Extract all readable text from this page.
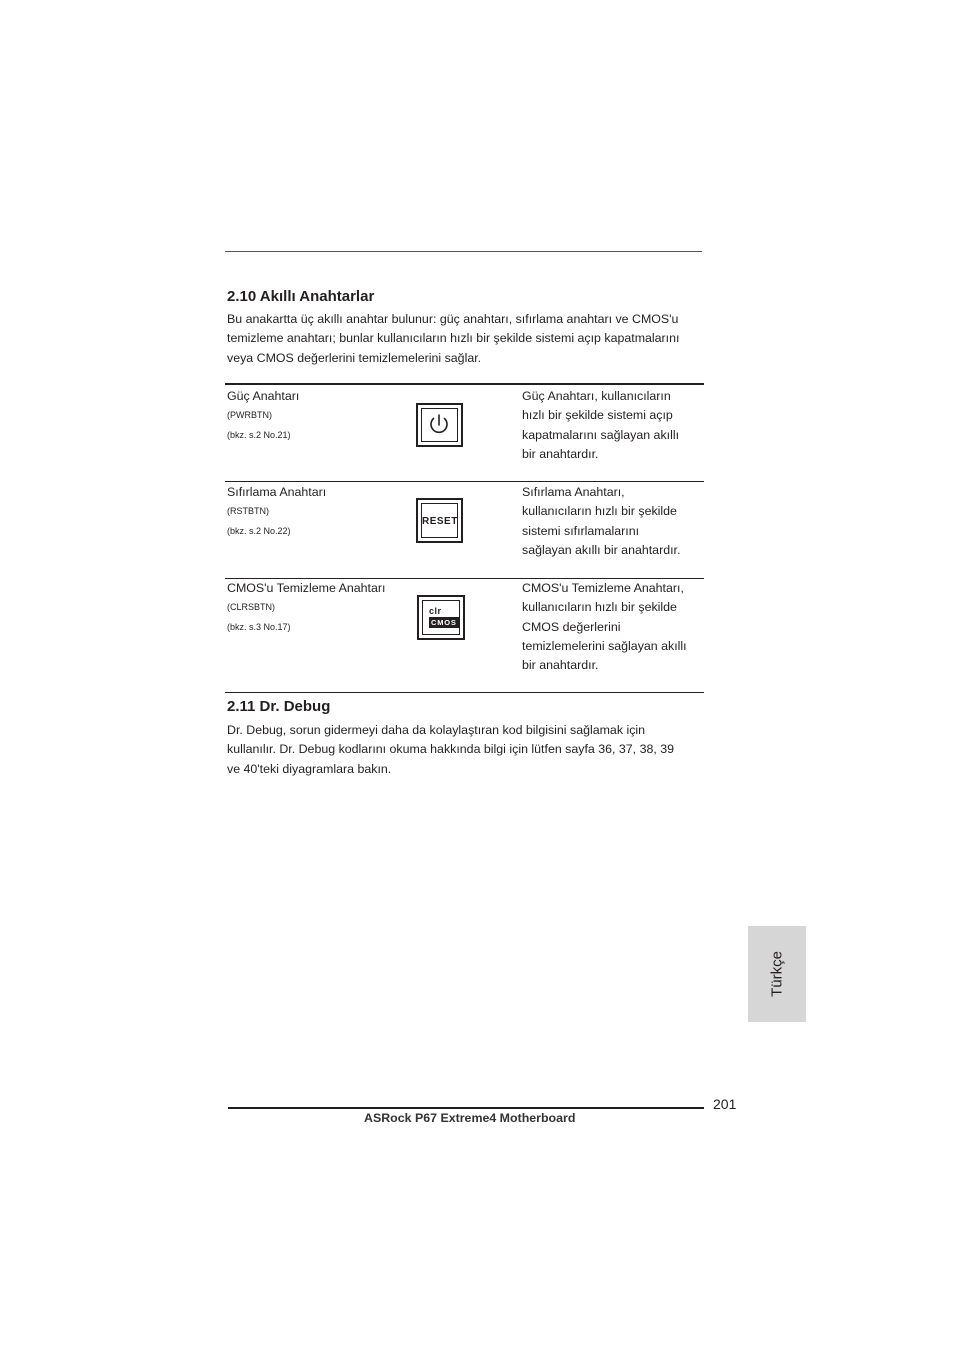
2.10 Akıllı Anahtarlar
Bu anakartta üç akıllı anahtar bulunur: güç anahtarı, sıfırlama anahtarı ve CMOS'u
temizleme anahtarı; bunlar kullanıcıların hızlı bir şekilde sistemi açıp kapatmalarını
veya CMOS değerlerini temizlemelerini sağlar.
Güç Anahtarı
(PWRBTN)
(bkz. s.2 No.21)
Güç Anahtarı, kullanıcıların
hızlı bir şekilde sistemi açıp
kapatmalarını sağlayan akıllı
bir anahtardır.
Sıfırlama Anahtarı
(RSTBTN)
(bkz. s.2 No.22)
RESET
Sıfırlama Anahtarı,
kullanıcıların hızlı bir şekilde
sistemi sıfırlamalarını
sağlayan akıllı bir anahtardır.
CMOS'u Temizleme Anahtarı
(CLRSBTN)
(bkz. s.3 No.17)
clr
CMOS
CMOS'u Temizleme Anahtarı,
kullanıcıların hızlı bir şekilde
CMOS değerlerini
temizlemelerini sağlayan akıllı
bir anahtardır.
2.11 Dr. Debug
Dr. Debug, sorun gidermeyi daha da kolaylaştıran kod bilgisini sağlamak için
kullanılır. Dr. Debug kodlarını okuma hakkında bilgi için lütfen sayfa 36, 37, 38, 39
ve 40'teki diyagramlara bakın.
Türkçe
201
ASRock P67 Extreme4 Motherboard
